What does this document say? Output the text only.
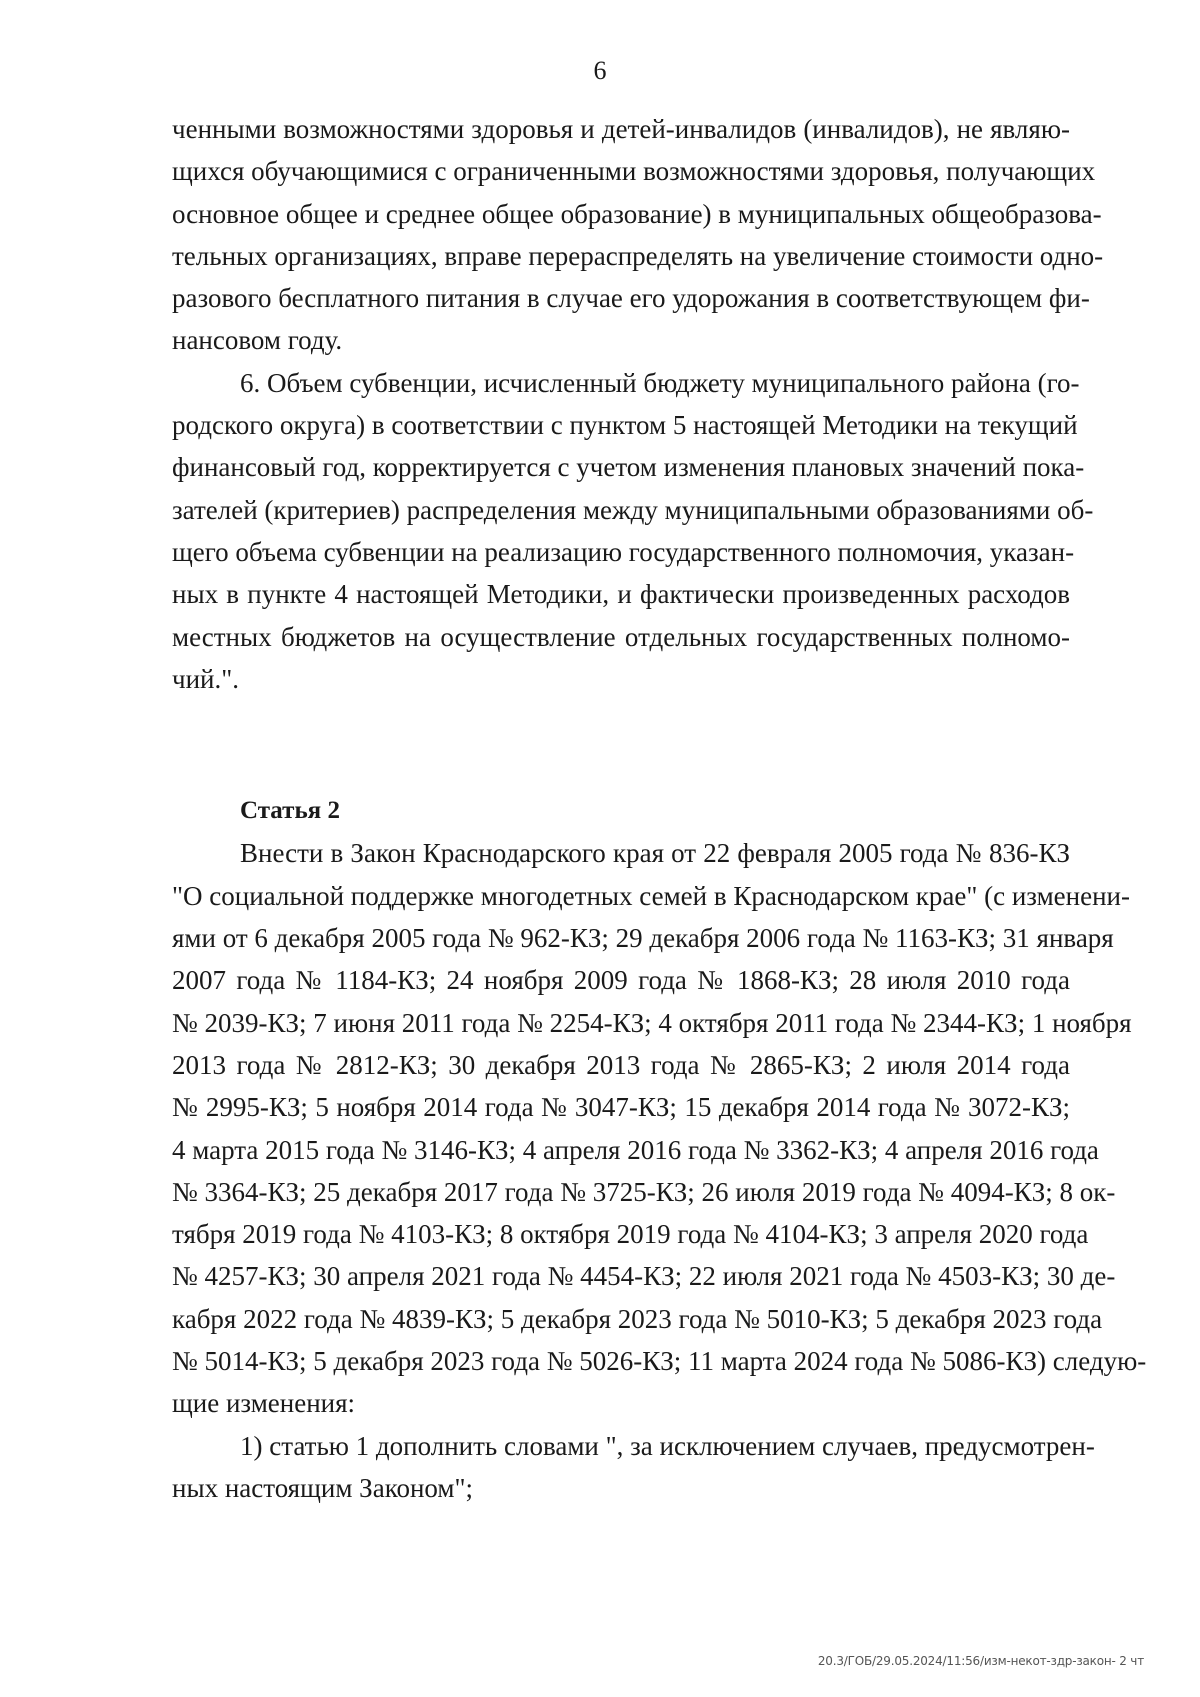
6
ченными возможностями здоровья и детей-инвалидов (инвалидов), не являю-
щихся обучающимися с ограниченными возможностями здоровья, получающих
основное общее и среднее общее образование) в муниципальных общеобразова-
тельных организациях, вправе перераспределять на увеличение стоимости одно-
разового бесплатного питания в случае его удорожания в соответствующем фи-
нансовом году.
6. Объем субвенции, исчисленный бюджету муниципального района (го-
родского округа) в соответствии с пунктом 5 настоящей Методики на текущий
финансовый год, корректируется с учетом изменения плановых значений пока-
зателей (критериев) распределения между муниципальными образованиями об-
щего объема субвенции на реализацию государственного полномочия, указан-
ных в пункте 4 настоящей Методики, и фактически произведенных расходов
местных бюджетов на осуществление отдельных государственных полномо-
чий.".
Статья 2
Внести в Закон Краснодарского края от 22 февраля 2005 года № 836-КЗ
"О социальной поддержке многодетных семей в Краснодарском крае" (с изменени-
ями от 6 декабря 2005 года № 962-КЗ; 29 декабря 2006 года № 1163-КЗ; 31 января
2007 года № 1184-КЗ; 24 ноября 2009 года № 1868-КЗ; 28 июля 2010 года
№ 2039-КЗ; 7 июня 2011 года № 2254-КЗ; 4 октября 2011 года № 2344-КЗ; 1 ноября
2013 года № 2812-КЗ; 30 декабря 2013 года № 2865-КЗ; 2 июля 2014 года
№ 2995-КЗ; 5 ноября 2014 года № 3047-КЗ; 15 декабря 2014 года № 3072-КЗ;
4 марта 2015 года № 3146-КЗ; 4 апреля 2016 года № 3362-КЗ; 4 апреля 2016 года
№ 3364-КЗ; 25 декабря 2017 года № 3725-КЗ; 26 июля 2019 года № 4094-КЗ; 8 ок-
тября 2019 года № 4103-КЗ; 8 октября 2019 года № 4104-КЗ; 3 апреля 2020 года
№ 4257-КЗ; 30 апреля 2021 года № 4454-КЗ; 22 июля 2021 года № 4503-КЗ; 30 де-
кабря 2022 года № 4839-КЗ; 5 декабря 2023 года № 5010-КЗ; 5 декабря 2023 года
№ 5014-КЗ; 5 декабря 2023 года № 5026-КЗ; 11 марта 2024 года № 5086-КЗ) следую-
щие изменения:
1) статью 1 дополнить словами ", за исключением случаев, предусмотрен-
ных настоящим Законом";
20.3/ГОБ/29.05.2024/11:56/изм-некот-здр-закон- 2 чт
